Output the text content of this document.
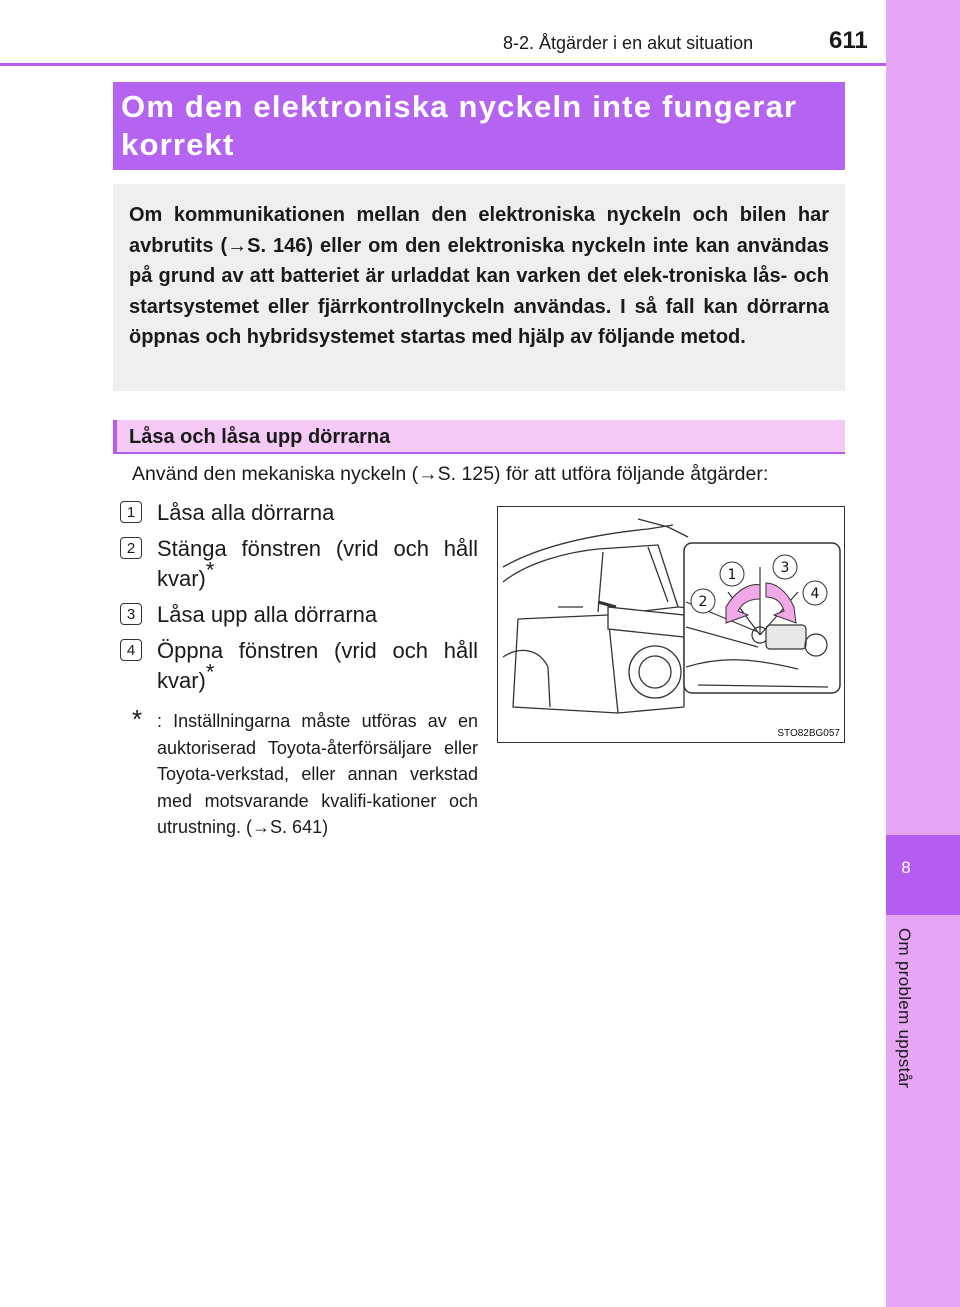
8
Om problem uppstår
8-2. Åtgärder i en akut situation	611

Om den elektroniska nyckeln inte fungerar korrekt

Om kommunikationen mellan den elektroniska nyckeln och bilen har avbrutits (→S. 146) eller om den elektroniska nyckeln inte kan användas på grund av att batteriet är urladdat kan varken det elek-troniska lås- och startsystemet eller fjärrkontrollnyckeln användas. I så fall kan dörrarna öppnas och hybridsystemet startas med hjälp av följande metod.

Låsa och låsa upp dörrarna
Använd den mekaniska nyckeln (→S. 125) för att utföra följande åtgärder:
1 Låsa alla dörrarna
2 Stänga fönstren (vrid och håll kvar)*
3 Låsa upp alla dörrarna
4 Öppna fönstren (vrid och håll kvar)*
* : Inställningarna måste utföras av en auktoriserad Toyota-återförsäljare eller Toyota-verkstad, eller annan verkstad med motsvarande kvalifi-kationer och utrustning. (→S. 641)
1
2
3
4
STO82BG057
